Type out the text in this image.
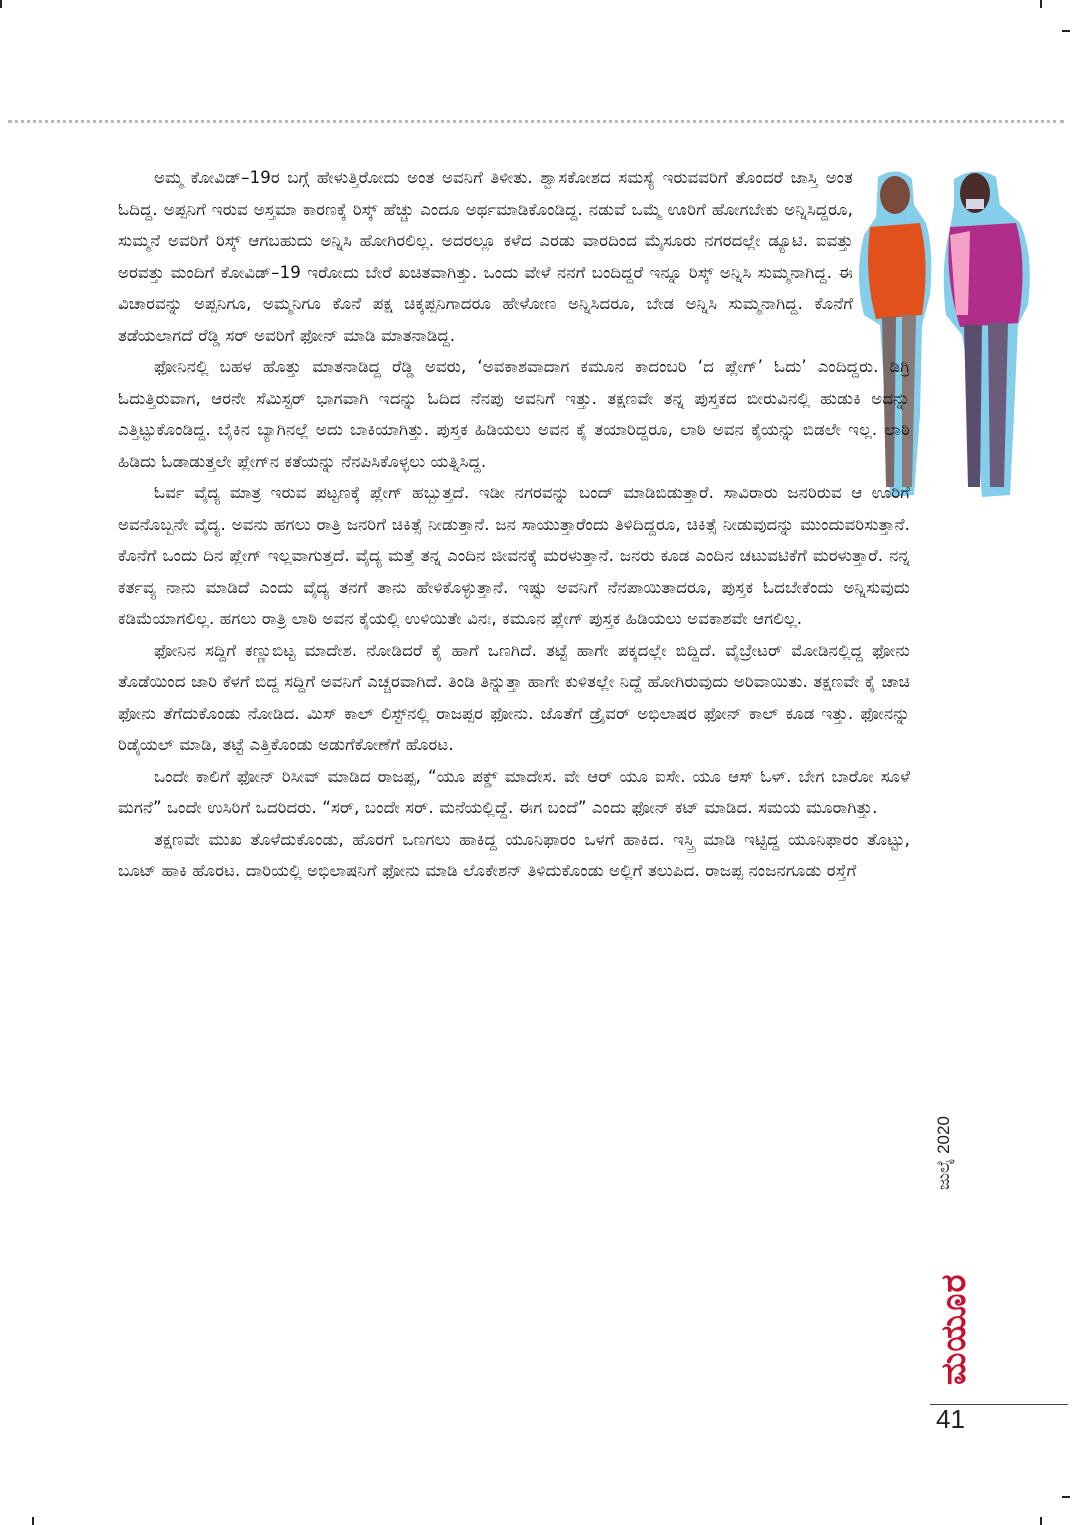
ಅಮ್ಮ ಕೋವಿಡ್–19ರ ಬಗ್ಗೆ ಹೇಳುತ್ತಿರೋದು ಅಂತ ಅವನಿಗೆ ತಿಳೀತು. ಶ್ವಾಸಕೋಶದ ಸಮಸ್ಯೆ ಇರುವವರಿಗೆ ತೊಂದರೆ ಜಾಸ್ತಿ ಅಂತ ಓದಿದ್ದ. ಅಪ್ಪನಿಗೆ ಇರುವ ಅಸ್ತಮಾ ಕಾರಣಕ್ಕೆ ರಿಸ್ಕ್ ಹೆಚ್ಚು ಎಂದೂ ಅರ್ಥಮಾಡಿಕೊಂಡಿದ್ದ. ನಡುವೆ ಒಮ್ಮೆ ಊರಿಗೆ ಹೋಗಬೇಕು ಅನ್ನಿಸಿದ್ದರೂ, ಸುಮ್ಮನೆ ಅವರಿಗೆ ರಿಸ್ಕ್ ಆಗಬಹುದು ಅನ್ನಿಸಿ ಹೋಗಿರಲಿಲ್ಲ. ಅದರಲ್ಲೂ ಕಳೆದ ಎರಡು ವಾರದಿಂದ ಮೈಸೂರು ನಗರದಲ್ಲೇ ಡ್ಯೂಟಿ. ಐವತ್ತು ಅರವತ್ತು ಮಂದಿಗೆ ಕೋವಿಡ್–19 ಇರೋದು ಬೇರೆ ಖಚಿತವಾಗಿತ್ತು. ಒಂದು ವೇಳೆ ನನಗೆ ಬಂದಿದ್ದರೆ ಇನ್ನೂ ರಿಸ್ಕ್ ಅನ್ನಿಸಿ ಸುಮ್ಮನಾಗಿದ್ದ. ಈ ವಿಚಾರವನ್ನು ಅಪ್ಪನಿಗೂ, ಅಮ್ಮನಿಗೂ ಕೊನೆ ಪಕ್ಷ ಚಿಕ್ಕಪ್ಪನಿಗಾದರೂ ಹೇಳೋಣ ಅನ್ನಿಸಿದರೂ, ಬೇಡ ಅನ್ನಿಸಿ ಸುಮ್ಮನಾಗಿದ್ದ. ಕೊನೆಗೆ ತಡೆಯಲಾಗದೆ ರೆಡ್ಡಿ ಸರ್ ಅವರಿಗೆ ಫೋನ್ ಮಾಡಿ ಮಾತನಾಡಿದ್ದ.

ಫೋನಿನಲ್ಲಿ ಬಹಳ ಹೊತ್ತು ಮಾತನಾಡಿದ್ದ ರೆಡ್ಡಿ ಅವರು, ‘ಅವಕಾಶವಾದಾಗ ಕಮೂನ ಕಾದಂಬರಿ ‘ದ ಪ್ಲೇಗ್’ ಓದು’ ಎಂದಿದ್ದರು. ಡಿಗ್ರಿ ಓದುತ್ತಿರುವಾಗ, ಆರನೇ ಸೆಮಿಸ್ಟರ್ ಭಾಗವಾಗಿ ಇದನ್ನು ಓದಿದ ನೆನಪು ಅವನಿಗೆ ಇತ್ತು. ತಕ್ಷಣವೇ ತನ್ನ ಪುಸ್ತಕದ ಬೀರುವಿನಲ್ಲಿ ಹುಡುಕಿ ಅದನ್ನು ಎತ್ತಿಟ್ಟುಕೊಂಡಿದ್ದ. ಬೈಕಿನ ಬ್ಯಾಗಿನಲ್ಲೆ ಅದು ಬಾಕಿಯಾಗಿತ್ತು. ಪುಸ್ತಕ ಹಿಡಿಯಲು ಅವನ ಕೈ ತಯಾರಿದ್ದರೂ, ಲಾಠಿ ಅವನ ಕೈಯನ್ನು ಬಿಡಲೇ ಇಲ್ಲ. ಲಾಠಿ ಹಿಡಿದು ಓಡಾಡುತ್ತಲೇ ಪ್ಲೇಗ್‌ನ ಕತೆಯನ್ನು ನೆನಪಿಸಿಕೊಳ್ಳಲು ಯತ್ನಿಸಿದ್ದ.

ಓರ್ವ ವೈದ್ಯ ಮಾತ್ರ ಇರುವ ಪಟ್ಟಣಕ್ಕೆ ಪ್ಲೇಗ್ ಹಬ್ಬುತ್ತದೆ. ಇಡೀ ನಗರವನ್ನು ಬಂದ್ ಮಾಡಿಬಿಡುತ್ತಾರೆ. ಸಾವಿರಾರು ಜನರಿರುವ ಆ ಊರಿಗೆ ಅವನೊಬ್ಬನೇ ವೈದ್ಯ. ಅವನು ಹಗಲು ರಾತ್ರಿ ಜನರಿಗೆ ಚಿಕಿತ್ಸೆ ನೀಡುತ್ತಾನೆ. ಜನ ಸಾಯುತ್ತಾರೆಂದು ತಿಳಿದಿದ್ದರೂ, ಚಿಕಿತ್ಸೆ ನೀಡುವುದನ್ನು ಮುಂದುವರಿಸುತ್ತಾನೆ. ಕೊನೆಗೆ ಒಂದು ದಿನ ಪ್ಲೇಗ್ ಇಲ್ಲವಾಗುತ್ತದೆ. ವೈದ್ಯ ಮತ್ತೆ ತನ್ನ ಎಂದಿನ ಜೀವನಕ್ಕೆ ಮರಳುತ್ತಾನೆ. ಜನರು ಕೂಡ ಎಂದಿನ ಚಟುವಟಿಕೆಗೆ ಮರಳುತ್ತಾರೆ. ನನ್ನ ಕರ್ತವ್ಯ ನಾನು ಮಾಡಿದೆ ಎಂದು ವೈದ್ಯ ತನಗೆ ತಾನು ಹೇಳಿಕೊಳ್ಳುತ್ತಾನೆ. ಇಷ್ಟು ಅವನಿಗೆ ನೆನಪಾಯಿತಾದರೂ, ಪುಸ್ತಕ ಓದಬೇಕೆಂದು ಅನ್ನಿಸುವುದು ಕಡಿಮೆಯಾಗಲಿಲ್ಲ. ಹಗಲು ರಾತ್ರಿ ಲಾಠಿ ಅವನ ಕೈಯಲ್ಲಿ ಉಳಿಯಿತೇ ವಿನಃ, ಕಮೂನ ಪ್ಲೇಗ್ ಪುಸ್ತಕ ಹಿಡಿಯಲು ಅವಕಾಶವೇ ಆಗಲಿಲ್ಲ.

ಫೋನಿನ ಸದ್ದಿಗೆ ಕಣ್ಣುಬಿಟ್ಟ ಮಾದೇಶ. ನೋಡಿದರೆ ಕೈ ಹಾಗೆ ಒಣಗಿದೆ. ತಟ್ಟೆ ಹಾಗೇ ಪಕ್ಕದಲ್ಲೇ ಬಿದ್ದಿದೆ. ವೈಬ್ರೇಟರ್ ಮೋಡಿನಲ್ಲಿದ್ದ ಫೋನು ತೊಡೆಯಿಂದ ಜಾರಿ ಕೆಳಗೆ ಬಿದ್ದ ಸದ್ದಿಗೆ ಅವನಿಗೆ ಎಚ್ಚರವಾಗಿದೆ. ತಿಂಡಿ ತಿನ್ನುತ್ತಾ ಹಾಗೇ ಕುಳಿತಲ್ಲೇ ನಿದ್ದೆ ಹೋಗಿರುವುದು ಅರಿವಾಯಿತು. ತಕ್ಷಣವೇ ಕೈ ಚಾಚಿ ಫೋನು ತೆಗೆದುಕೊಂಡು ನೋಡಿದ. ಮಿಸ್ ಕಾಲ್ ಲಿಸ್ಟ್‌ನಲ್ಲಿ ರಾಜಪ್ಪರ ಫೋನು. ಜೊತೆಗೆ ಡ್ರೈವರ್ ಅಭಿಲಾಷರ ಫೋನ್ ಕಾಲ್ ಕೂಡ ಇತ್ತು. ಫೋನನ್ನು ರಿಡೈಯಲ್ ಮಾಡಿ, ತಟ್ಟೆ ಎತ್ತಿಕೊಂಡು ಅಡುಗೆಕೋಣೆಗೆ ಹೊರಟ.

ಒಂದೇ ಕಾಲಿಗೆ ಫೋನ್ ರಿಸೀವ್ ಮಾಡಿದ ರಾಜಪ್ಪ, “ಯೂ ಪಕ್ಡ್ ಮಾದೇಸ. ವೇ ಆರ್ ಯೂ ಐಸೇ. ಯೂ ಆಸ್ ಓಳ್. ಬೇಗ ಬಾರೋ ಸೂಳೆ ಮಗನೆ” ಒಂದೇ ಉಸಿರಿಗೆ ಒದರಿದರು. “ಸರ್, ಬಂದೇ ಸರ್. ಮನೆಯಲ್ಲಿದ್ದೆ. ಈಗ ಬಂದೆ” ಎಂದು ಫೋನ್ ಕಟ್ ಮಾಡಿದ. ಸಮಯ ಮೂರಾಗಿತ್ತು.

ತಕ್ಷಣವೇ ಮುಖ ತೊಳೆದುಕೊಂಡು, ಹೊರಗೆ ಒಣಗಲು ಹಾಕಿದ್ದ ಯೂನಿಫಾರಂ ಒಳಗೆ ಹಾಕಿದ. ಇಸ್ತ್ರಿ ಮಾಡಿ ಇಟ್ಟಿದ್ದ ಯೂನಿಫಾರಂ ತೊಟ್ಟು, ಬೂಟ್ ಹಾಕಿ ಹೊರಟ. ದಾರಿಯಲ್ಲಿ ಅಭಿಲಾಷನಿಗೆ ಫೋನು ಮಾಡಿ ಲೊಕೇಶನ್ ತಿಳಿದುಕೊಂಡು ಅಲ್ಲಿಗೆ ತಲುಪಿದ. ರಾಜಪ್ಪ ನಂಜನಗೂಡು ರಸ್ತೆಗೆ

ಜುಲೈ 2020
ಮಯೂರ
41
